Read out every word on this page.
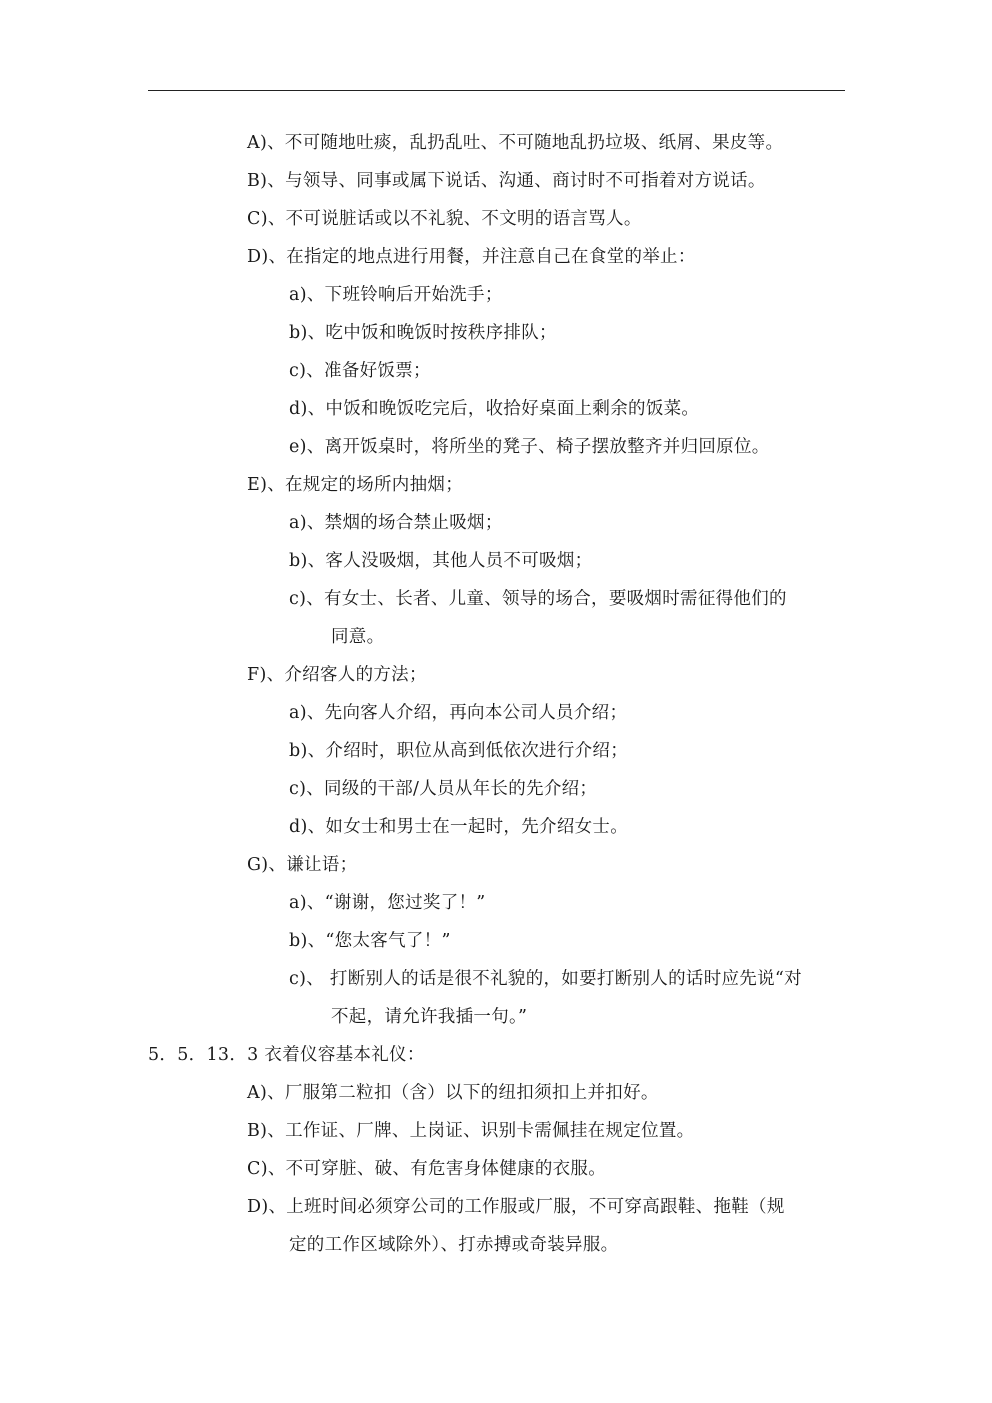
A)、不可随地吐痰，乱扔乱吐、不可随地乱扔垃圾、纸屑、果皮等。
B)、与领导、同事或属下说话、沟通、商讨时不可指着对方说话。
C)、不可说脏话或以不礼貌、不文明的语言骂人。
D)、在指定的地点进行用餐，并注意自己在食堂的举止：
a)、下班铃响后开始洗手；
b)、吃中饭和晚饭时按秩序排队；
c)、准备好饭票；
d)、中饭和晚饭吃完后，收拾好桌面上剩余的饭菜。
e)、离开饭桌时，将所坐的凳子、椅子摆放整齐并归回原位。
E)、在规定的场所内抽烟；
a)、禁烟的场合禁止吸烟；
b)、客人没吸烟，其他人员不可吸烟；
c)、有女士、长者、儿童、领导的场合，要吸烟时需征得他们的
同意。
F)、介绍客人的方法；
a)、先向客人介绍，再向本公司人员介绍；
b)、介绍时，职位从高到低依次进行介绍；
c)、同级的干部/人员从年长的先介绍；
d)、如女士和男士在一起时，先介绍女士。
G)、谦让语；
a)、“谢谢，您过奖了！”
b)、“您太客气了！”
c)、 打断别人的话是很不礼貌的，如要打断别人的话时应先说“对
不起，请允许我插一句。”
5．5．13．3 衣着仪容基本礼仪：
A)、厂服第二粒扣（含）以下的纽扣须扣上并扣好。
B)、工作证、厂牌、上岗证、识别卡需佩挂在规定位置。
C)、不可穿脏、破、有危害身体健康的衣服。
D)、上班时间必须穿公司的工作服或厂服，不可穿高跟鞋、拖鞋（规
定的工作区域除外）、打赤搏或奇装异服。
